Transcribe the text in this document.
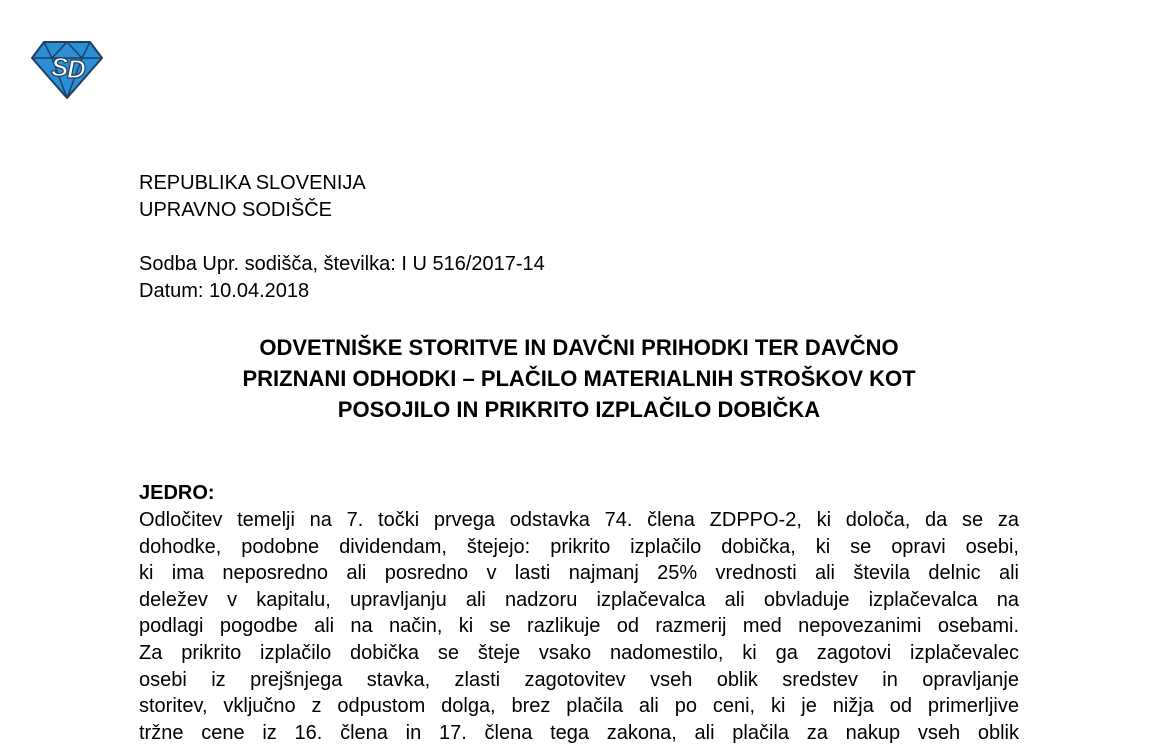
S
D
REPUBLIKA SLOVENIJA
UPRAVNO SODIŠČE
Sodba Upr. sodišča, številka: I U 516/2017-14
Datum: 10.04.2018
ODVETNIŠKE STORITVE IN DAVČNI PRIHODKI TER DAVČNO
PRIZNANI ODHODKI – PLAČILO MATERIALNIH STROŠKOV KOT
POSOJILO IN PRIKRITO IZPLAČILO DOBIČKA
JEDRO:
Odločitev temelji na 7. točki prvega odstavka 74. člena ZDPPO-2, ki določa, da se za
dohodke, podobne dividendam, štejejo: prikrito izplačilo dobička, ki se opravi osebi,
ki ima neposredno ali posredno v lasti najmanj 25% vrednosti ali števila delnic ali
deležev v kapitalu, upravljanju ali nadzoru izplačevalca ali obvladuje izplačevalca na
podlagi pogodbe ali na način, ki se razlikuje od razmerij med nepovezanimi osebami.
Za prikrito izplačilo dobička se šteje vsako nadomestilo, ki ga zagotovi izplačevalec
osebi iz prejšnjega stavka, zlasti zagotovitev vseh oblik sredstev in opravljanje
storitev, vključno z odpustom dolga, brez plačila ali po ceni, ki je nižja od primerljive
tržne cene iz 16. člena in 17. člena tega zakona, ali plačila za nakup vseh oblik
